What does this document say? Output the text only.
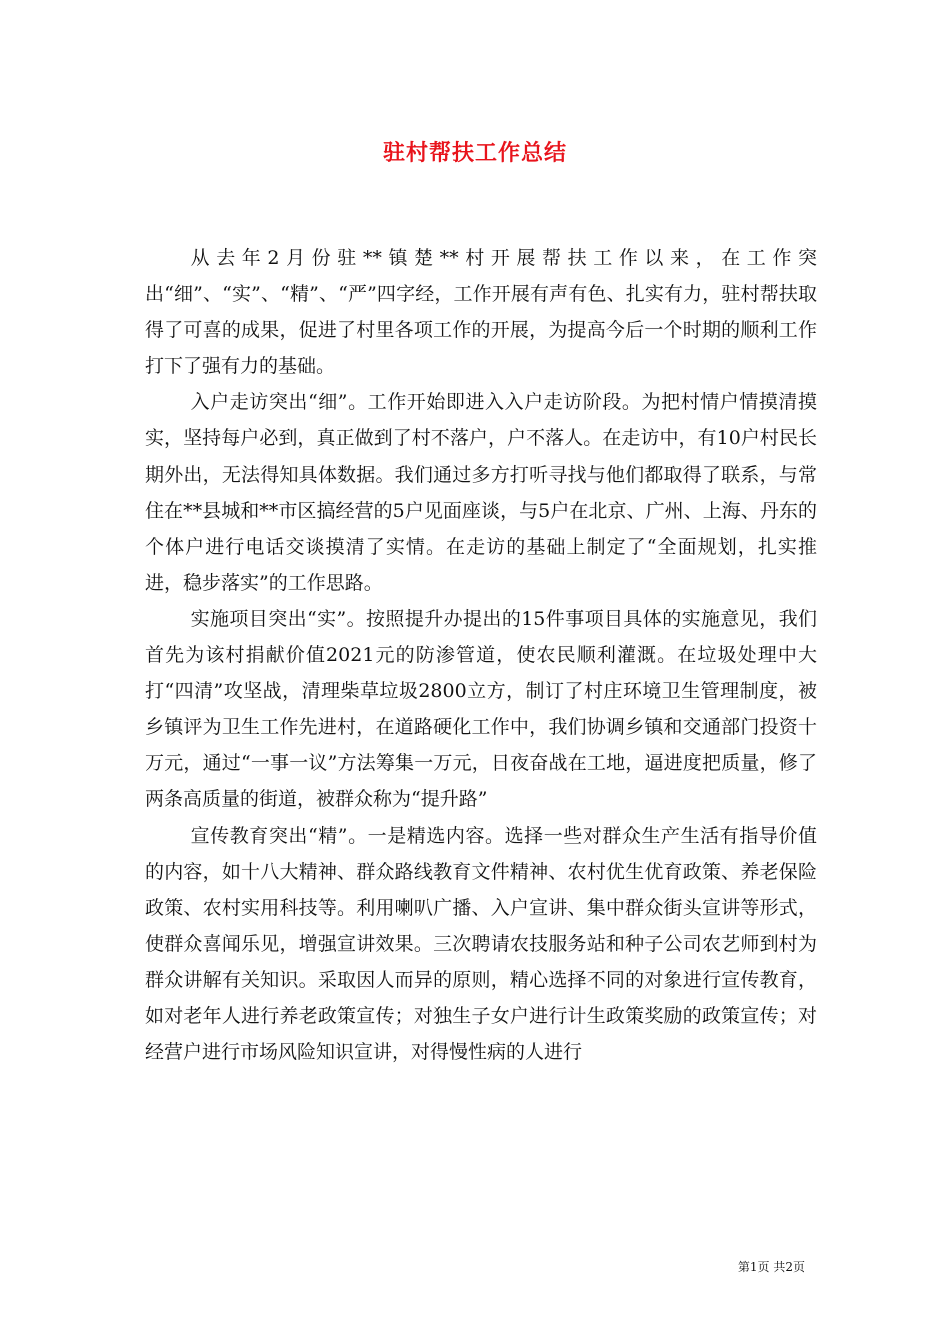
驻村帮扶工作总结

从去年2月份驻**镇楚**村开展帮扶工作以来，在工作突出“细”、“实”、“精”、“严”四字经，工作开展有声有色、扎实有力，驻村帮扶取得了可喜的成果，促进了村里各项工作的开展，为提高今后一个时期的顺利工作打下了强有力的基础。

入户走访突出“细”。工作开始即进入入户走访阶段。为把村情户情摸清摸实，坚持每户必到，真正做到了村不落户，户不落人。在走访中，有10户村民长期外出，无法得知具体数据。我们通过多方打听寻找与他们都取得了联系，与常住在**县城和**市区搞经营的5户见面座谈，与5户在北京、广州、上海、丹东的个体户进行电话交谈摸清了实情。在走访的基础上制定了“全面规划，扎实推进，稳步落实”的工作思路。

实施项目突出“实”。按照提升办提出的15件事项目具体的实施意见，我们首先为该村捐献价值2021元的防渗管道，使农民顺利灌溉。在垃圾处理中大打“四清”攻坚战，清理柴草垃圾2800立方，制订了村庄环境卫生管理制度，被乡镇评为卫生工作先进村，在道路硬化工作中，我们协调乡镇和交通部门投资十万元，通过“一事一议”方法筹集一万元，日夜奋战在工地，逼进度把质量，修了两条高质量的街道，被群众称为“提升路”

宣传教育突出“精”。一是精选内容。选择一些对群众生产生活有指导价值的内容，如十八大精神、群众路线教育文件精神、农村优生优育政策、养老保险政策、农村实用科技等。利用喇叭广播、入户宣讲、集中群众街头宣讲等形式，使群众喜闻乐见，增强宣讲效果。三次聘请农技服务站和种子公司农艺师到村为群众讲解有关知识。采取因人而异的原则，精心选择不同的对象进行宣传教育，如对老年人进行养老政策宣传；对独生子女户进行计生政策奖励的政策宣传；对经营户进行市场风险知识宣讲，对得慢性病的人进行

第1页 共2页
